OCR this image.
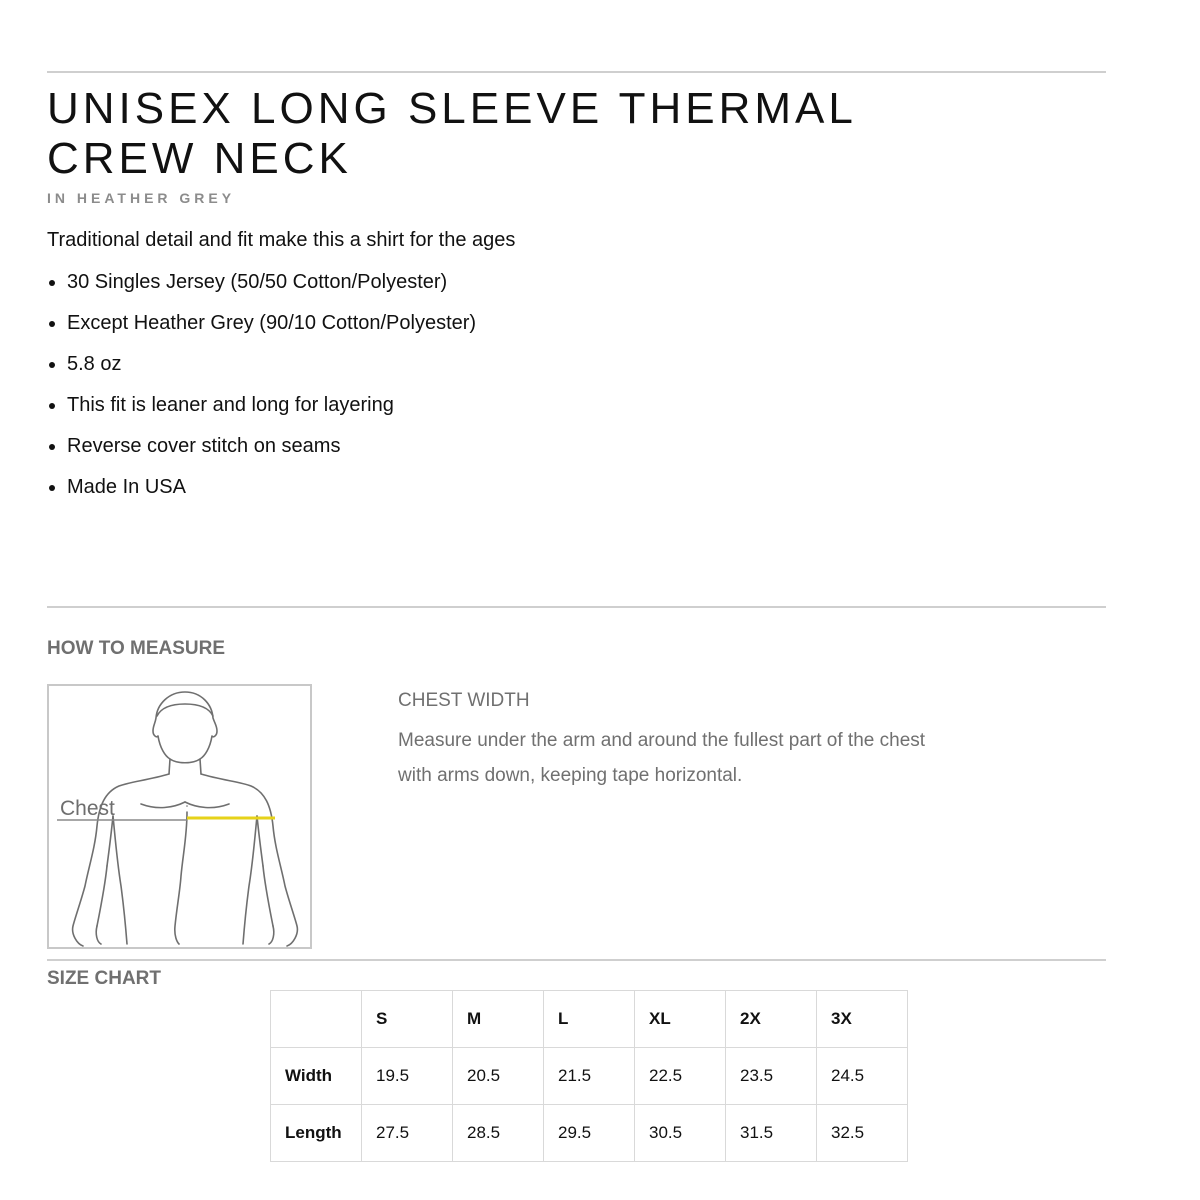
UNISEX LONG SLEEVE THERMAL
CREW NECK
IN HEATHER GREY
Traditional detail and fit make this a shirt for the ages
30 Singles Jersey (50/50 Cotton/Polyester)
Except Heather Grey (90/10 Cotton/Polyester)
5.8 oz
This fit is leaner and long for layering
Reverse cover stitch on seams
Made In USA
HOW TO MEASURE
Chest
CHEST WIDTH
Measure under the arm and around the fullest part of the chest with arms down, keeping tape horizontal.
SIZE CHART
	S	M	L	XL	2X	3X
Width	19.5	20.5	21.5	22.5	23.5	24.5
Length	27.5	28.5	29.5	30.5	31.5	32.5
